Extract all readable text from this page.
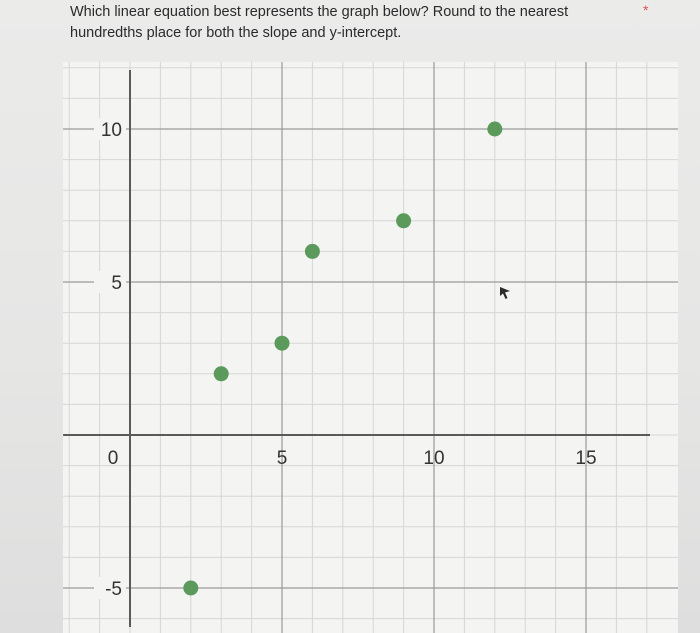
Which linear equation best represents the graph below? Round to the nearest hundredths place for both the slope and y-intercept.

*
5	10	15
10
5
-5
0
